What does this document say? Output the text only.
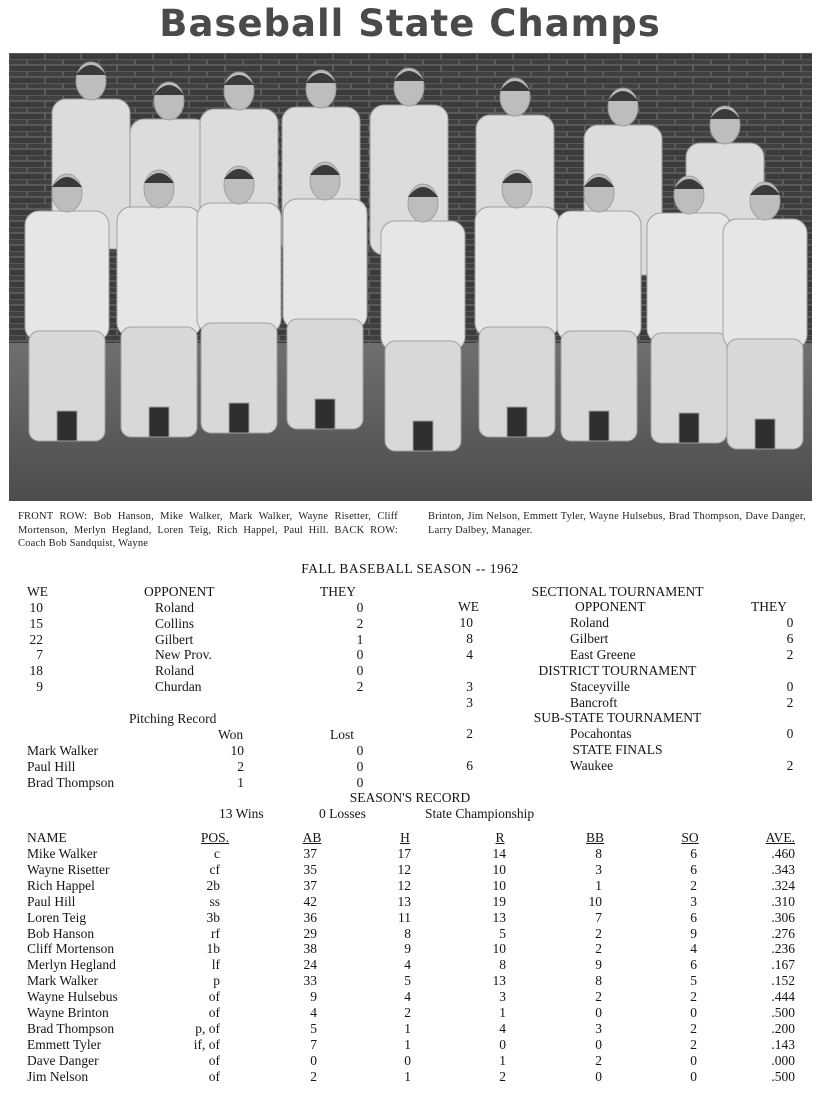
Baseball State Champs
FRONT ROW: Bob Hanson, Mike Walker, Mark Walker, Wayne Risetter, Cliff Mortenson, Merlyn Hegland, Loren Teig, Rich Happel, Paul Hill. BACK ROW: Coach Bob Sandquist, Wayne
Brinton, Jim Nelson, Emmett Tyler, Wayne Hulsebus, Brad Thompson, Dave Danger, Larry Dalbey, Manager.
FALL BASEBALL SEASON -- 1962
WE	OPPONENT	THEY
10	Roland	0
15	Collins	2
22	Gilbert	1
7	New Prov.	0
18	Roland	0
9	Churdan	2
Pitching Record
Won	Lost
Mark Walker	10	0
Paul Hill	2	0
Brad Thompson	1	0
SECTIONAL TOURNAMENT
WE	OPPONENT	THEY
DISTRICT TOURNAMENT
SUB-STATE TOURNAMENT
STATE FINALS
10	Roland	0
8	Gilbert	6
4	East Greene	2
3	Staceyville	0
3	Bancroft	2
2	Pocahontas	0
6	Waukee	2
SEASON'S RECORD
13 Wins	0 Losses	State Championship
NAME	POS.	AB	H	R	BB	SO	AVE.
Mike Walker	c	37	17	14	8	6	.460
Wayne Risetter	cf	35	12	10	3	6	.343
Rich Happel	2b	37	12	10	1	2	.324
Paul Hill	ss	42	13	19	10	3	.310
Loren Teig	3b	36	11	13	7	6	.306
Bob Hanson	rf	29	8	5	2	9	.276
Cliff Mortenson	1b	38	9	10	2	4	.236
Merlyn Hegland	lf	24	4	8	9	6	.167
Mark Walker	p	33	5	13	8	5	.152
Wayne Hulsebus	of	9	4	3	2	2	.444
Wayne Brinton	of	4	2	1	0	0	.500
Brad Thompson	p, of	5	1	4	3	2	.200
Emmett Tyler	if, of	7	1	0	0	2	.143
Dave Danger	of	0	0	1	2	0	.000
Jim Nelson	of	2	1	2	0	0	.500
